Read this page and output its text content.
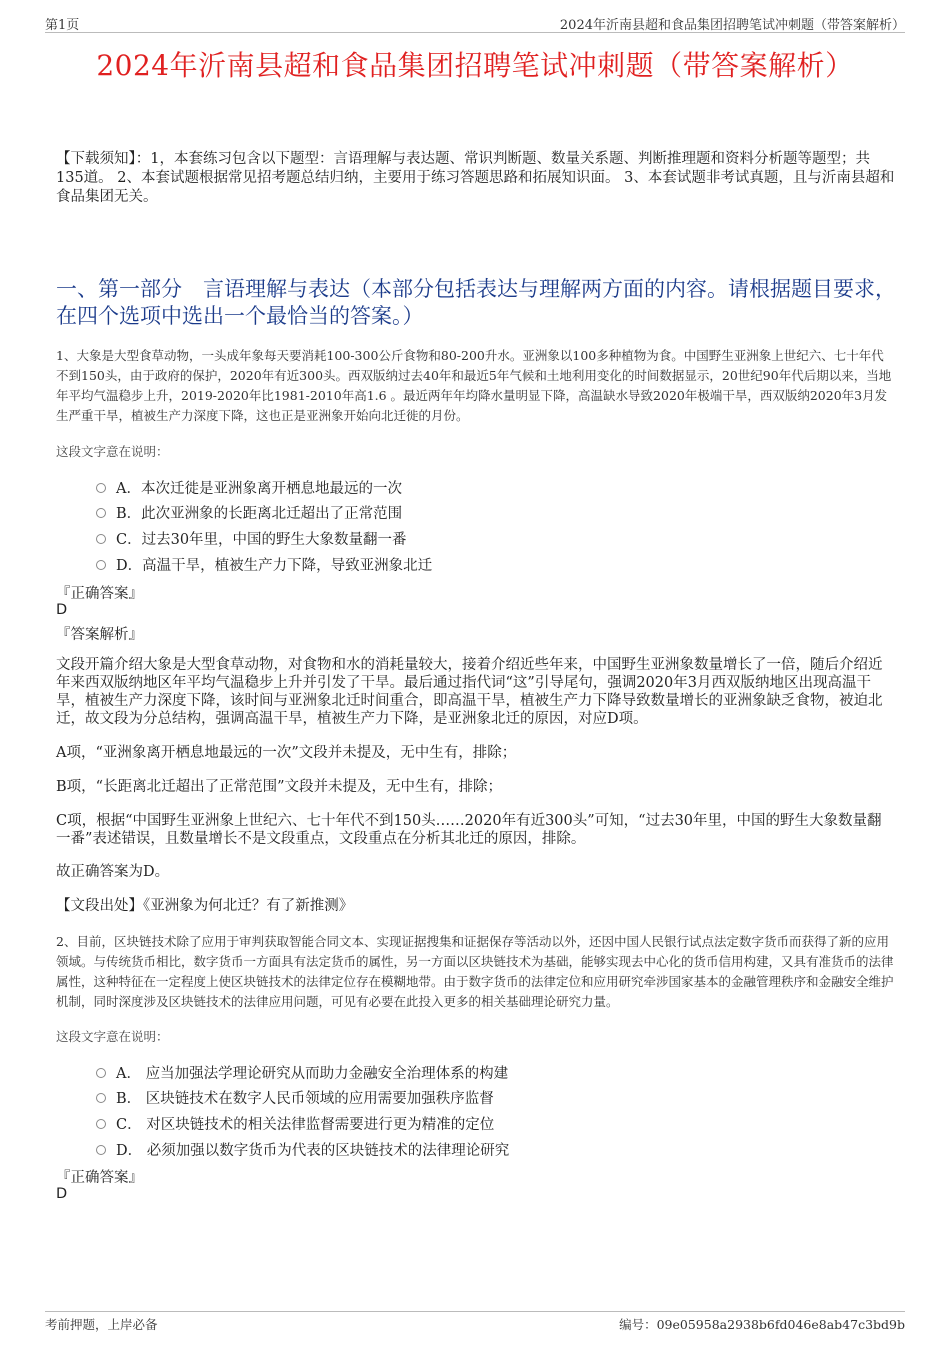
第1页	2024年沂南县超和食品集团招聘笔试冲刺题（带答案解析）
2024年沂南县超和食品集团招聘笔试冲刺题（带答案解析）
【下载须知】：1，本套练习包含以下题型：言语理解与表达题、常识判断题、数量关系题、判断推理题和资料分析题等题型；共135道。 2、本套试题根据常见招考题总结归纳，主要用于练习答题思路和拓展知识面。 3、本套试题非考试真题，且与沂南县超和食品集团无关。
一、第一部分　言语理解与表达（本部分包括表达与理解两方面的内容。请根据题目要求，在四个选项中选出一个最恰当的答案。）
1、大象是大型食草动物，一头成年象每天要消耗100-300公斤食物和80-200升水。亚洲象以100多种植物为食。中国野生亚洲象上世纪六、七十年代不到150头，由于政府的保护，2020年有近300头。西双版纳过去40年和最近5年气候和土地利用变化的时间数据显示，20世纪90年代后期以来，当地年平均气温稳步上升，2019-2020年比1981-2010年高1.6 。最近两年年均降水量明显下降，高温缺水导致2020年极端干旱，西双版纳2020年3月发生严重干旱，植被生产力深度下降，这也正是亚洲象开始向北迁徙的月份。
这段文字意在说明：
A．本次迁徙是亚洲象离开栖息地最远的一次
B．此次亚洲象的长距离北迁超出了正常范围
C．过去30年里，中国的野生大象数量翻一番
D．高温干旱，植被生产力下降，导致亚洲象北迁
『正确答案』
D
『答案解析』
文段开篇介绍大象是大型食草动物，对食物和水的消耗量较大，接着介绍近些年来，中国野生亚洲象数量增长了一倍，随后介绍近年来西双版纳地区年平均气温稳步上升并引发了干旱。最后通过指代词“这”引导尾句，强调2020年3月西双版纳地区出现高温干旱，植被生产力深度下降，该时间与亚洲象北迁时间重合，即高温干旱，植被生产力下降导致数量增长的亚洲象缺乏食物，被迫北迁，故文段为分总结构，强调高温干旱，植被生产力下降，是亚洲象北迁的原因，对应D项。
A项，“亚洲象离开栖息地最远的一次”文段并未提及，无中生有，排除；
B项，“长距离北迁超出了正常范围”文段并未提及，无中生有，排除；
C项，根据“中国野生亚洲象上世纪六、七十年代不到150头……2020年有近300头”可知，“过去30年里，中国的野生大象数量翻一番”表述错误，且数量增长不是文段重点，文段重点在分析其北迁的原因，排除。
故正确答案为D。
【文段出处】《亚洲象为何北迁？有了新推测》
2、目前，区块链技术除了应用于审判获取智能合同文本、实现证据搜集和证据保存等活动以外，还因中国人民银行试点法定数字货币而获得了新的应用领域。与传统货币相比，数字货币一方面具有法定货币的属性，另一方面以区块链技术为基础，能够实现去中心化的货币信用构建，又具有准货币的法律属性，这种特征在一定程度上使区块链技术的法律定位存在模糊地带。由于数字货币的法律定位和应用研究牵涉国家基本的金融管理秩序和金融安全维护机制，同时深度涉及区块链技术的法律应用问题，可见有必要在此投入更多的相关基础理论研究力量。
这段文字意在说明：
A． 应当加强法学理论研究从而助力金融安全治理体系的构建
B． 区块链技术在数字人民币领域的应用需要加强秩序监督
C． 对区块链技术的相关法律监督需要进行更为精准的定位
D． 必须加强以数字货币为代表的区块链技术的法律理论研究
『正确答案』
D
考前押题，上岸必备	编号：09e05958a2938b6fd046e8ab47c3bd9b
